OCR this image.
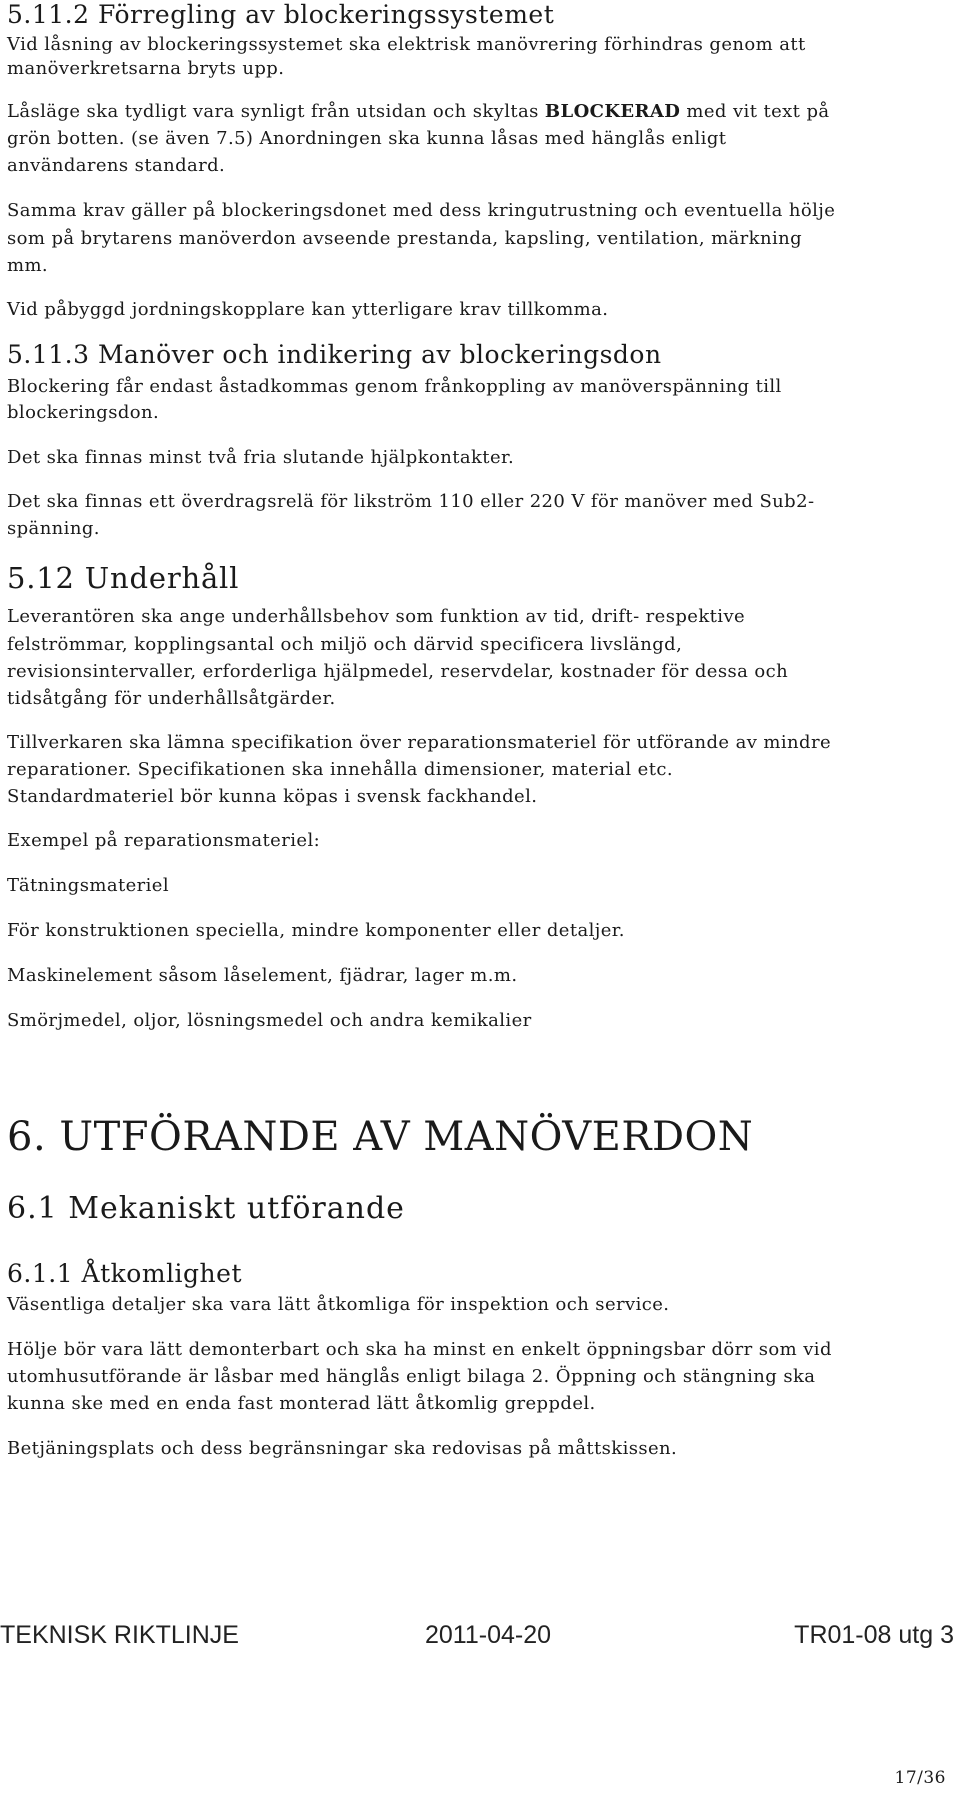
5.11.2 Förregling av blockeringssystemet
Vid låsning av blockeringssystemet ska elektrisk manövrering förhindras genom att
manöverkretsarna bryts upp.
Låsläge ska tydligt vara synligt från utsidan och skyltas BLOCKERAD med vit text på
grön botten. (se även 7.5) Anordningen ska kunna låsas med hänglås enligt
användarens standard.
Samma krav gäller på blockeringsdonet med dess kringutrustning och eventuella hölje
som på brytarens manöverdon avseende prestanda, kapsling, ventilation, märkning
mm.
Vid påbyggd jordningskopplare kan ytterligare krav tillkomma.
5.11.3 Manöver och indikering av blockeringsdon
Blockering får endast åstadkommas genom frånkoppling av manöverspänning till
blockeringsdon.
Det ska finnas minst två fria slutande hjälpkontakter.
Det ska finnas ett överdragsrelä för likström 110 eller 220 V för manöver med Sub2-
spänning.
5.12 Underhåll
Leverantören ska ange underhållsbehov som funktion av tid, drift- respektive
felströmmar, kopplingsantal och miljö och därvid specificera livslängd,
revisionsintervaller, erforderliga hjälpmedel, reservdelar, kostnader för dessa och
tidsåtgång för underhållsåtgärder.
Tillverkaren ska lämna specifikation över reparationsmateriel för utförande av mindre
reparationer. Specifikationen ska innehålla dimensioner, material etc.
Standardmateriel bör kunna köpas i svensk fackhandel.
Exempel på reparationsmateriel:
Tätningsmateriel
För konstruktionen speciella, mindre komponenter eller detaljer.
Maskinelement såsom låselement, fjädrar, lager m.m.
Smörjmedel, oljor, lösningsmedel och andra kemikalier
6. UTFÖRANDE AV MANÖVERDON
6.1 Mekaniskt utförande
6.1.1 Åtkomlighet
Väsentliga detaljer ska vara lätt åtkomliga för inspektion och service.
Hölje bör vara lätt demonterbart och ska ha minst en enkelt öppningsbar dörr som vid
utomhusutförande är låsbar med hänglås enligt bilaga 2. Öppning och stängning ska
kunna ske med en enda fast monterad lätt åtkomlig greppdel.
Betjäningsplats och dess begränsningar ska redovisas på måttskissen.
TEKNISK RIKTLINJE	2011-04-20	TR01-08 utg 3
17/36
